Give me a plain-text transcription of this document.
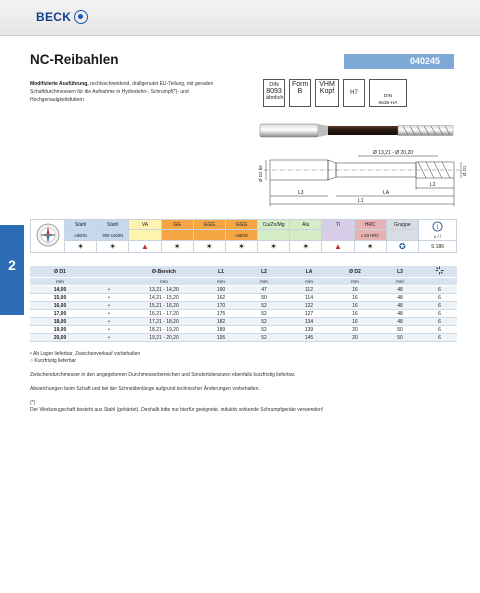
BECK
2
NC-Reibahlen	040245
Modifizierte Ausführung, rechtsschneidend, drallgenutet EU-Teilung, mit geraden Schaftdurchmessern für die Aufnahme in Hydrodehn-, Schrumpf(*)- und Hochgenauigkeitsfuttern
DIN

8093
ähnlich
Form
B
VHM
Kopf	H7
DIN
6535-HA
Ø 13,21 - Ø 20,20
L3	LA
L2
L1
Ø D2 h6	Ø D1
	Stahl	Stahl	VA	GG	GGG	GGG	Cu/Zn/Mg	Alu	Ti	HRC	Gruppe	i
≤ / /

	≤900N	900-1400N				≥600N				≤ 63 HRC		
	✶	✶	▲	✶	✶	✶	✶	✶	▲	✶	✪	S 186
Ø D1		Ø-Bereich	L1	L2	LA	Ø D2	L3	
mm		mm	mm	mm	mm	mm	mm	
14,00	•	13,21 - 14,20	160	47	112	16	48	6
15,00	•	14,21 - 15,20	162	50	114	16	48	6
16,00	•	15,21 - 16,20	170	52	122	16	48	6
17,00	•	16,21 - 17,20	175	52	127	16	48	6
18,00	•	17,21 - 18,20	182	52	134	16	48	6
19,00	•	18,21 - 19,20	189	52	139	20	50	6
20,00	•	19,21 - 20,20	195	52	145	20	50	6

• Ab Lager lieferbar, Zwischenverkauf vorbehalten

○ Kurzfristig lieferbar

Zwischendurchmesser in den angegebenen Durchmesserbereichen und Sondertoleranzen ebenfalls kurzfristig lieferbar.

Abweichungen beim Schaft und bei der Schneidenlänge aufgrund technischer Änderungen vorbehalten.

(*)

Der Werkzeugschaft besteht aus Stahl (gehärtet). Deshalb bitte nur hierfür geeignete, induktiv wirkende Schrumpfgeräte verwenden!
